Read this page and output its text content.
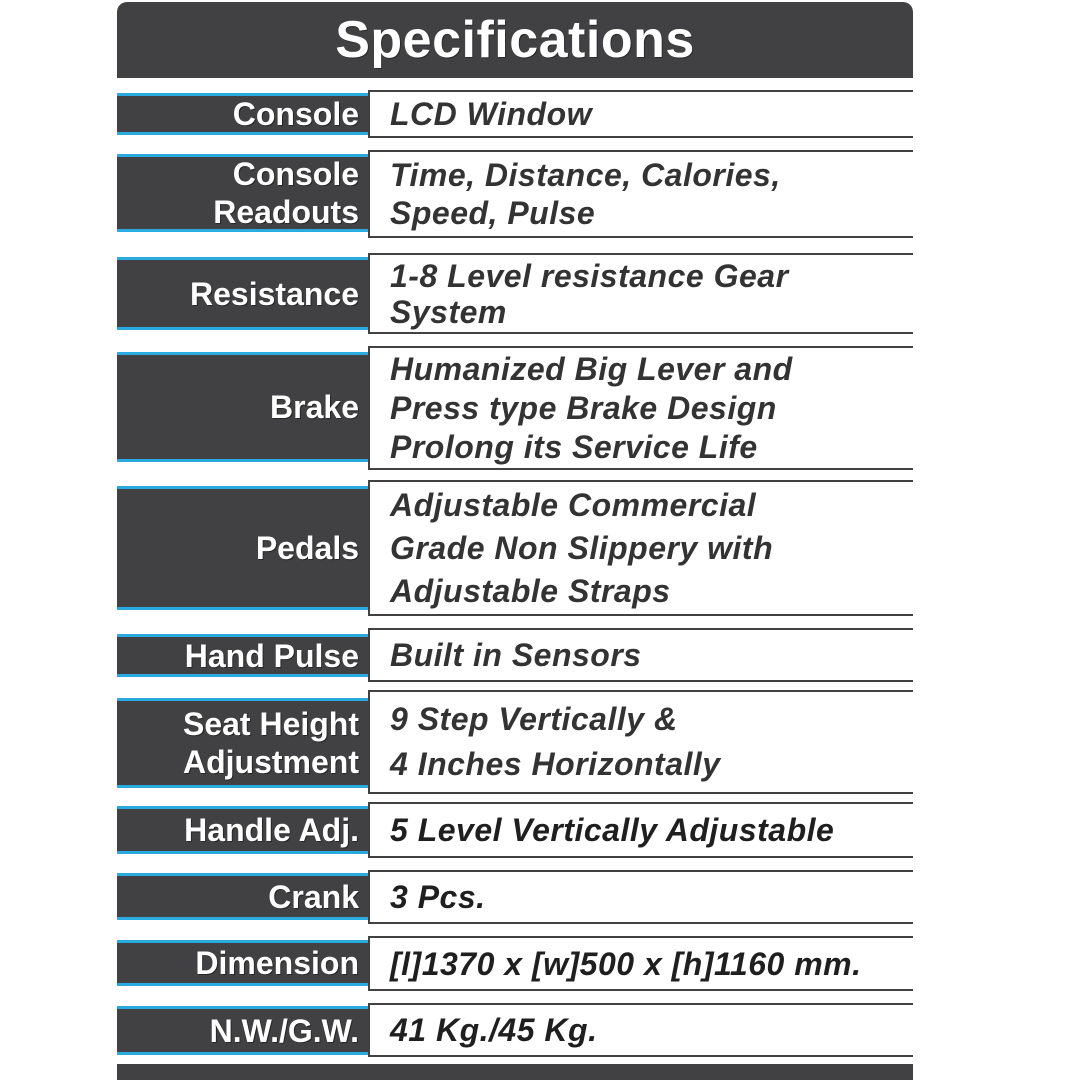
Specifications
Console LCD Window
Console
Readouts
Time, Distance, Calories,
Speed, Pulse
Resistance 1-8 Level resistance Gear
System
Brake
Humanized Big Lever and
Press type Brake Design
Prolong its Service Life
Pedals
Adjustable Commercial
Grade Non Slippery with
Adjustable Straps
Hand Pulse Built in Sensors
Seat Height
Adjustment
9 Step Vertically &
4 Inches Horizontally
Handle Adj. 5 Level Vertically Adjustable
Crank 3 Pcs.
Dimension [l]1370 x [w]500 x [h]1160 mm.
N.W./G.W. 41 Kg./45 Kg.
